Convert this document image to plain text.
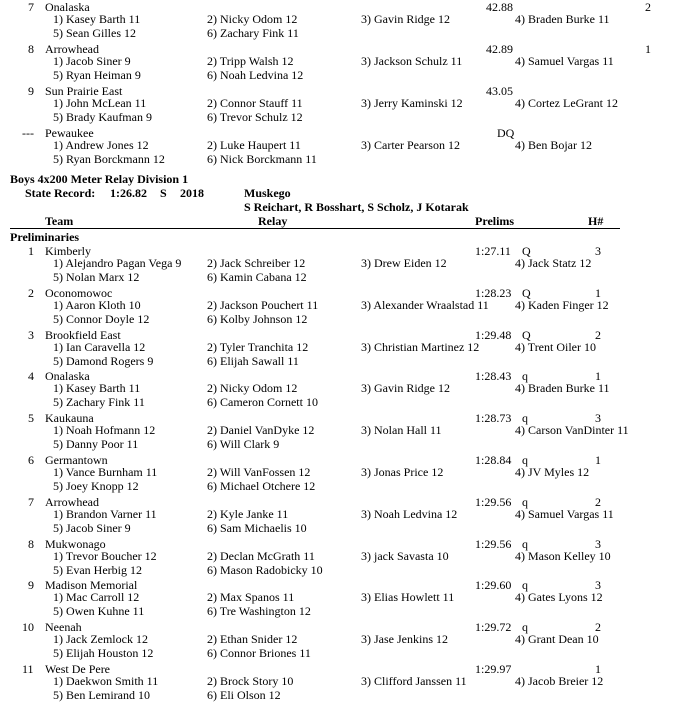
7 Onalaska	42.88	2
1) Kasey Barth 11	2) Nicky Odom 12	3) Gavin Ridge 12	4) Braden Burke 11
5) Sean Gilles 12	6) Zachary Fink 11
8 Arrowhead	42.89	1
1) Jacob Siner 9	2) Tripp Walsh 12	3) Jackson Schulz 11	4) Samuel Vargas 11
5) Ryan Heiman 9	6) Noah Ledvina 12
9 Sun Prairie East	43.05
1) John McLean 11	2) Connor Stauff 11	3) Jerry Kaminski 12	4) Cortez LeGrant 12
5) Brady Kaufman 9	6) Trevor Schulz 12
--- Pewaukee	DQ
1) Andrew Jones 12	2) Luke Haupert 11	3) Carter Pearson 12	4) Ben Bojar 12
5) Ryan Borckmann 12	6) Nick Borckmann 11
Boys 4x200 Meter Relay Division 1
State Record: 1:26.82 S 2018	Muskego
S Reichart, R Bosshart, S Scholz, J Kotarak
Team	Relay	Prelims	H#
Preliminaries
1 Kimberly	1:27.11 Q	3
1) Alejandro Pagan Vega 9 2) Jack Schreiber 12	3) Drew Eiden 12	4) Jack Statz 12
5) Nolan Marx 12	6) Kamin Cabana 12
2 Oconomowoc	1:28.23 Q	1
1) Aaron Kloth 10	2) Jackson Pouchert 11	3) Alexander Wraalstad 11 4) Kaden Finger 12
5) Connor Doyle 12	6) Kolby Johnson 12
3 Brookfield East	1:29.48 Q	2
1) Ian Caravella 12	2) Tyler Tranchita 12	3) Christian Martinez 12	4) Trent Oiler 10
5) Damond Rogers 9	6) Elijah Sawall 11
4 Onalaska	1:28.43 q	1
1) Kasey Barth 11	2) Nicky Odom 12	3) Gavin Ridge 12	4) Braden Burke 11
5) Zachary Fink 11	6) Cameron Cornett 10
5 Kaukauna	1:28.73 q	3
1) Noah Hofmann 12	2) Daniel VanDyke 12	3) Nolan Hall 11	4) Carson VanDinter 11
5) Danny Poor 11	6) Will Clark 9
6 Germantown	1:28.84 q	1
1) Vance Burnham 11	2) Will VanFossen 12	3) Jonas Price 12	4) JV Myles 12
5) Joey Knopp 12	6) Michael Otchere 12
7 Arrowhead	1:29.56 q	2
1) Brandon Varner 11	2) Kyle Janke 11	3) Noah Ledvina 12	4) Samuel Vargas 11
5) Jacob Siner 9	6) Sam Michaelis 10
8 Mukwonago	1:29.56 q	3
1) Trevor Boucher 12	2) Declan McGrath 11	3) jack Savasta 10	4) Mason Kelley 10
5) Evan Herbig 12	6) Mason Radobicky 10
9 Madison Memorial	1:29.60 q	3
1) Mac Carroll 12	2) Max Spanos 11	3) Elias Howlett 11	4) Gates Lyons 12
5) Owen Kuhne 11	6) Tre Washington 12
10 Neenah	1:29.72 q	2
1) Jack Zemlock 12	2) Ethan Snider 12	3) Jase Jenkins 12	4) Grant Dean 10
5) Elijah Houston 12	6) Connor Briones 11
11 West De Pere	1:29.97	1
1) Daekwon Smith 11	2) Brock Story 10	3) Clifford Janssen 11	4) Jacob Breier 12
5) Ben Lemirand 10	6) Eli Olson 12
